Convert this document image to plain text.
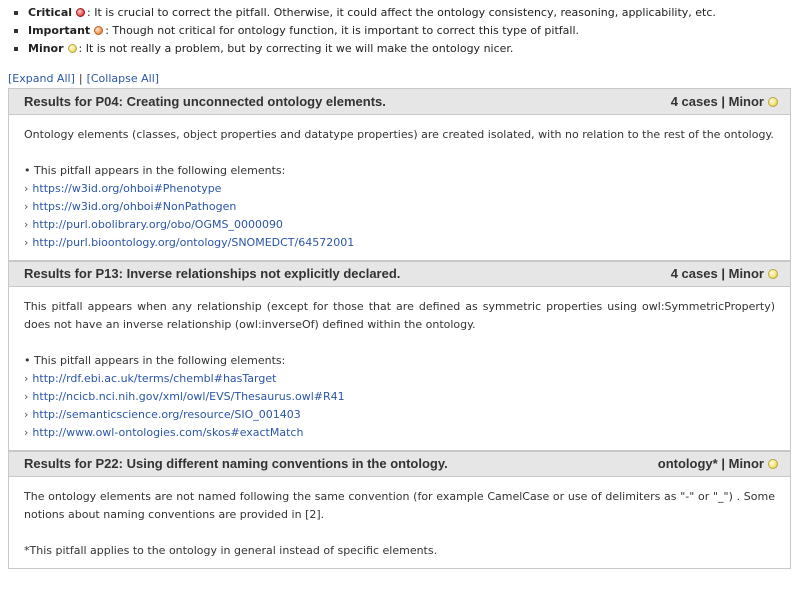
Critical : It is crucial to correct the pitfall. Otherwise, it could affect the ontology consistency, reasoning, applicability, etc.
Important : Though not critical for ontology function, it is important to correct this type of pitfall.
Minor : It is not really a problem, but by correcting it we will make the ontology nicer.
[Expand All] | [Collapse All]
Results for P04: Creating unconnected ontology elements.	4 cases
|
Minor

Ontology elements (classes, object properties and datatype properties) are created isolated, with no relation to the rest of the ontology.

• This pitfall appears in the following elements:
› https://w3id.org/ohboi#Phenotype
› https://w3id.org/ohboi#NonPathogen
› http://purl.obolibrary.org/obo/OGMS_0000090
› http://purl.bioontology.org/ontology/SNOMEDCT/64572001
Results for P13: Inverse relationships not explicitly declared.	4 cases
|
Minor

This pitfall appears when any relationship (except for those that are defined as symmetric properties using owl:SymmetricProperty) does not have an inverse relationship (owl:inverseOf) defined within the ontology.

• This pitfall appears in the following elements:
› http://rdf.ebi.ac.uk/terms/chembl#hasTarget
› http://ncicb.nci.nih.gov/xml/owl/EVS/Thesaurus.owl#R41
› http://semanticscience.org/resource/SIO_001403
› http://www.owl-ontologies.com/skos#exactMatch
Results for P22: Using different naming conventions in the ontology.	ontology*
|
Minor

The ontology elements are not named following the same convention (for example CamelCase or use of delimiters as "-" or "_") . Some notions about naming conventions are provided in [2].

*This pitfall applies to the ontology in general instead of specific elements.
